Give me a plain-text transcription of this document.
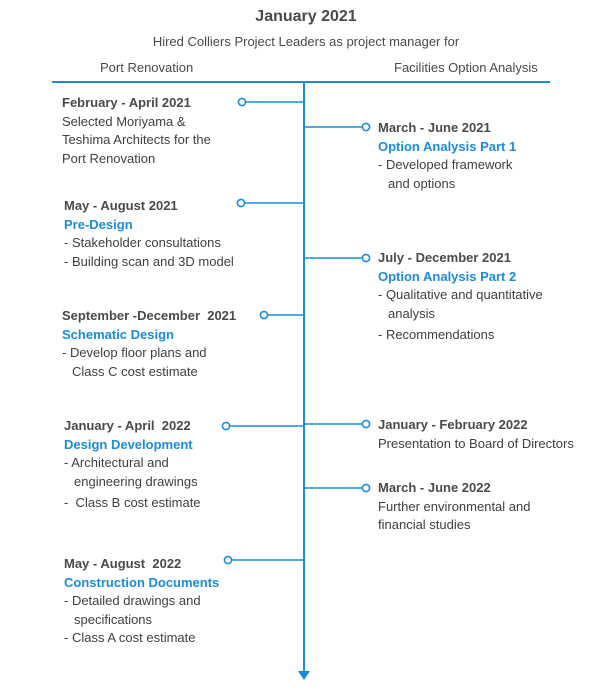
January 2021
Hired Colliers Project Leaders as project manager for
Port Renovation	Facilities Option Analysis
February - April 2021
Selected Moriyama &
Teshima Architects for the
Port Renovation
May - August 2021
Pre-Design
- Stakeholder consultations
- Building scan and 3D model
September -December  2021
Schematic Design
- Develop floor plans and
Class C cost estimate
January - April  2022
Design Development
- Architectural and
engineering drawings
-  Class B cost estimate
May - August  2022
Construction Documents
- Detailed drawings and
specifications
- Class A cost estimate
March - June 2021
Option Analysis Part 1
- Developed framework
and options
July - December 2021
Option Analysis Part 2
- Qualitative and quantitative
analysis
- Recommendations
January - February 2022
Presentation to Board of Directors
March - June 2022
Further environmental and
financial studies
